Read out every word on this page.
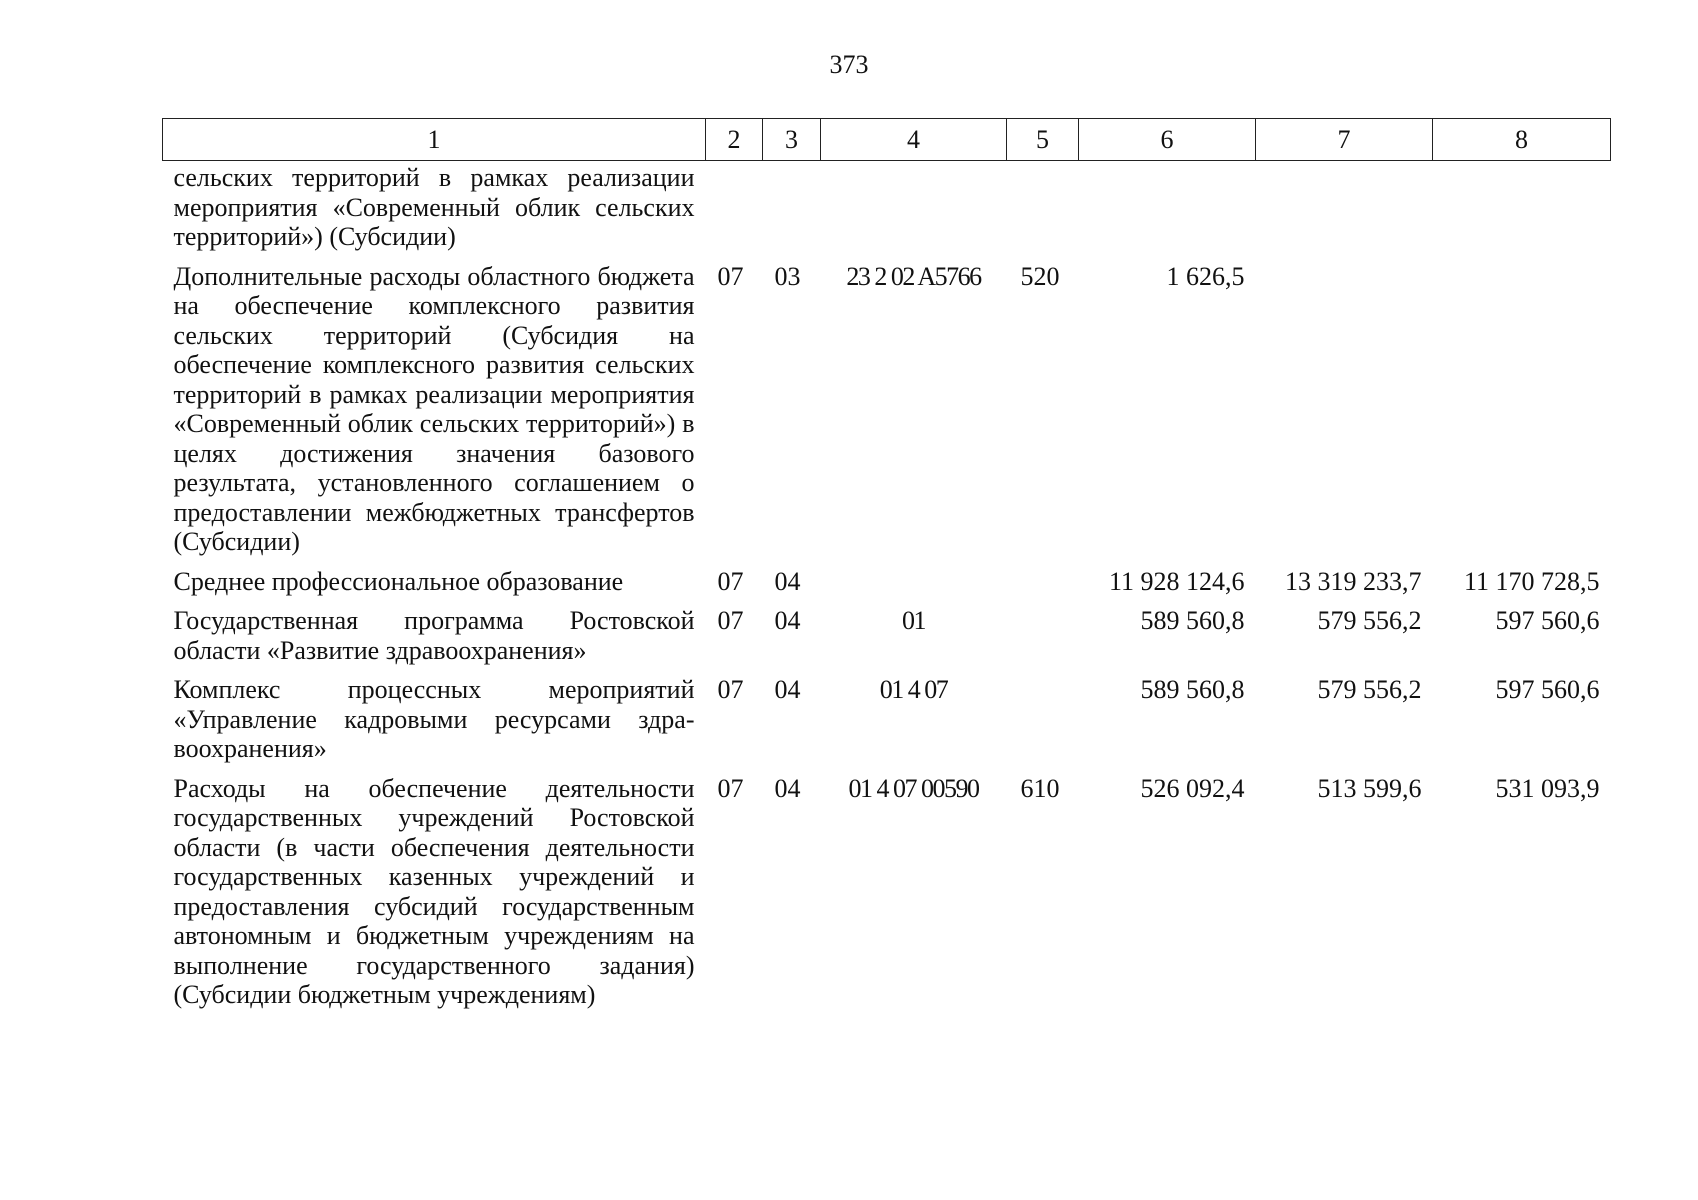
373
1	2	3	4	5	6	7	8
сельских территорий в рамках реализации мероприятия «Современный облик сельских территорий») (Субсидии)							
Дополнительные расходы областного бюджета на обеспечение комплексного развития сельских территорий (Субсидия на обеспечение комплексного развития сельских территорий в рамках реализации мероприятия «Современный облик сельских территорий») в целях достижения значения базового результата, установленного соглашением о предоставлении межбюджетных трансфертов (Субсидии)	07	03	23 2 02 A5766	520	1 626,5		
Среднее профессиональное образование	07	04			11 928 124,6	13 319 233,7	11 170 728,5
Государственная программа Ростовской области «Развитие здравоохранения»	07	04	01		589 560,8	579 556,2	597 560,6
Комплекс процессных мероприятий «Управление кадровыми ресурсами здравоохранения»	07	04	01 4 07		589 560,8	579 556,2	597 560,6
Расходы на обеспечение деятельности государственных учреждений Ростовской области (в части обеспечения деятельности государственных казенных учреждений и предоставления субсидий государственным автономным и бюджетным учреждениям на выполнение государственного задания) (Субсидии бюджетным учреждениям)	07	04	01 4 07 00590	610	526 092,4	513 599,6	531 093,9
